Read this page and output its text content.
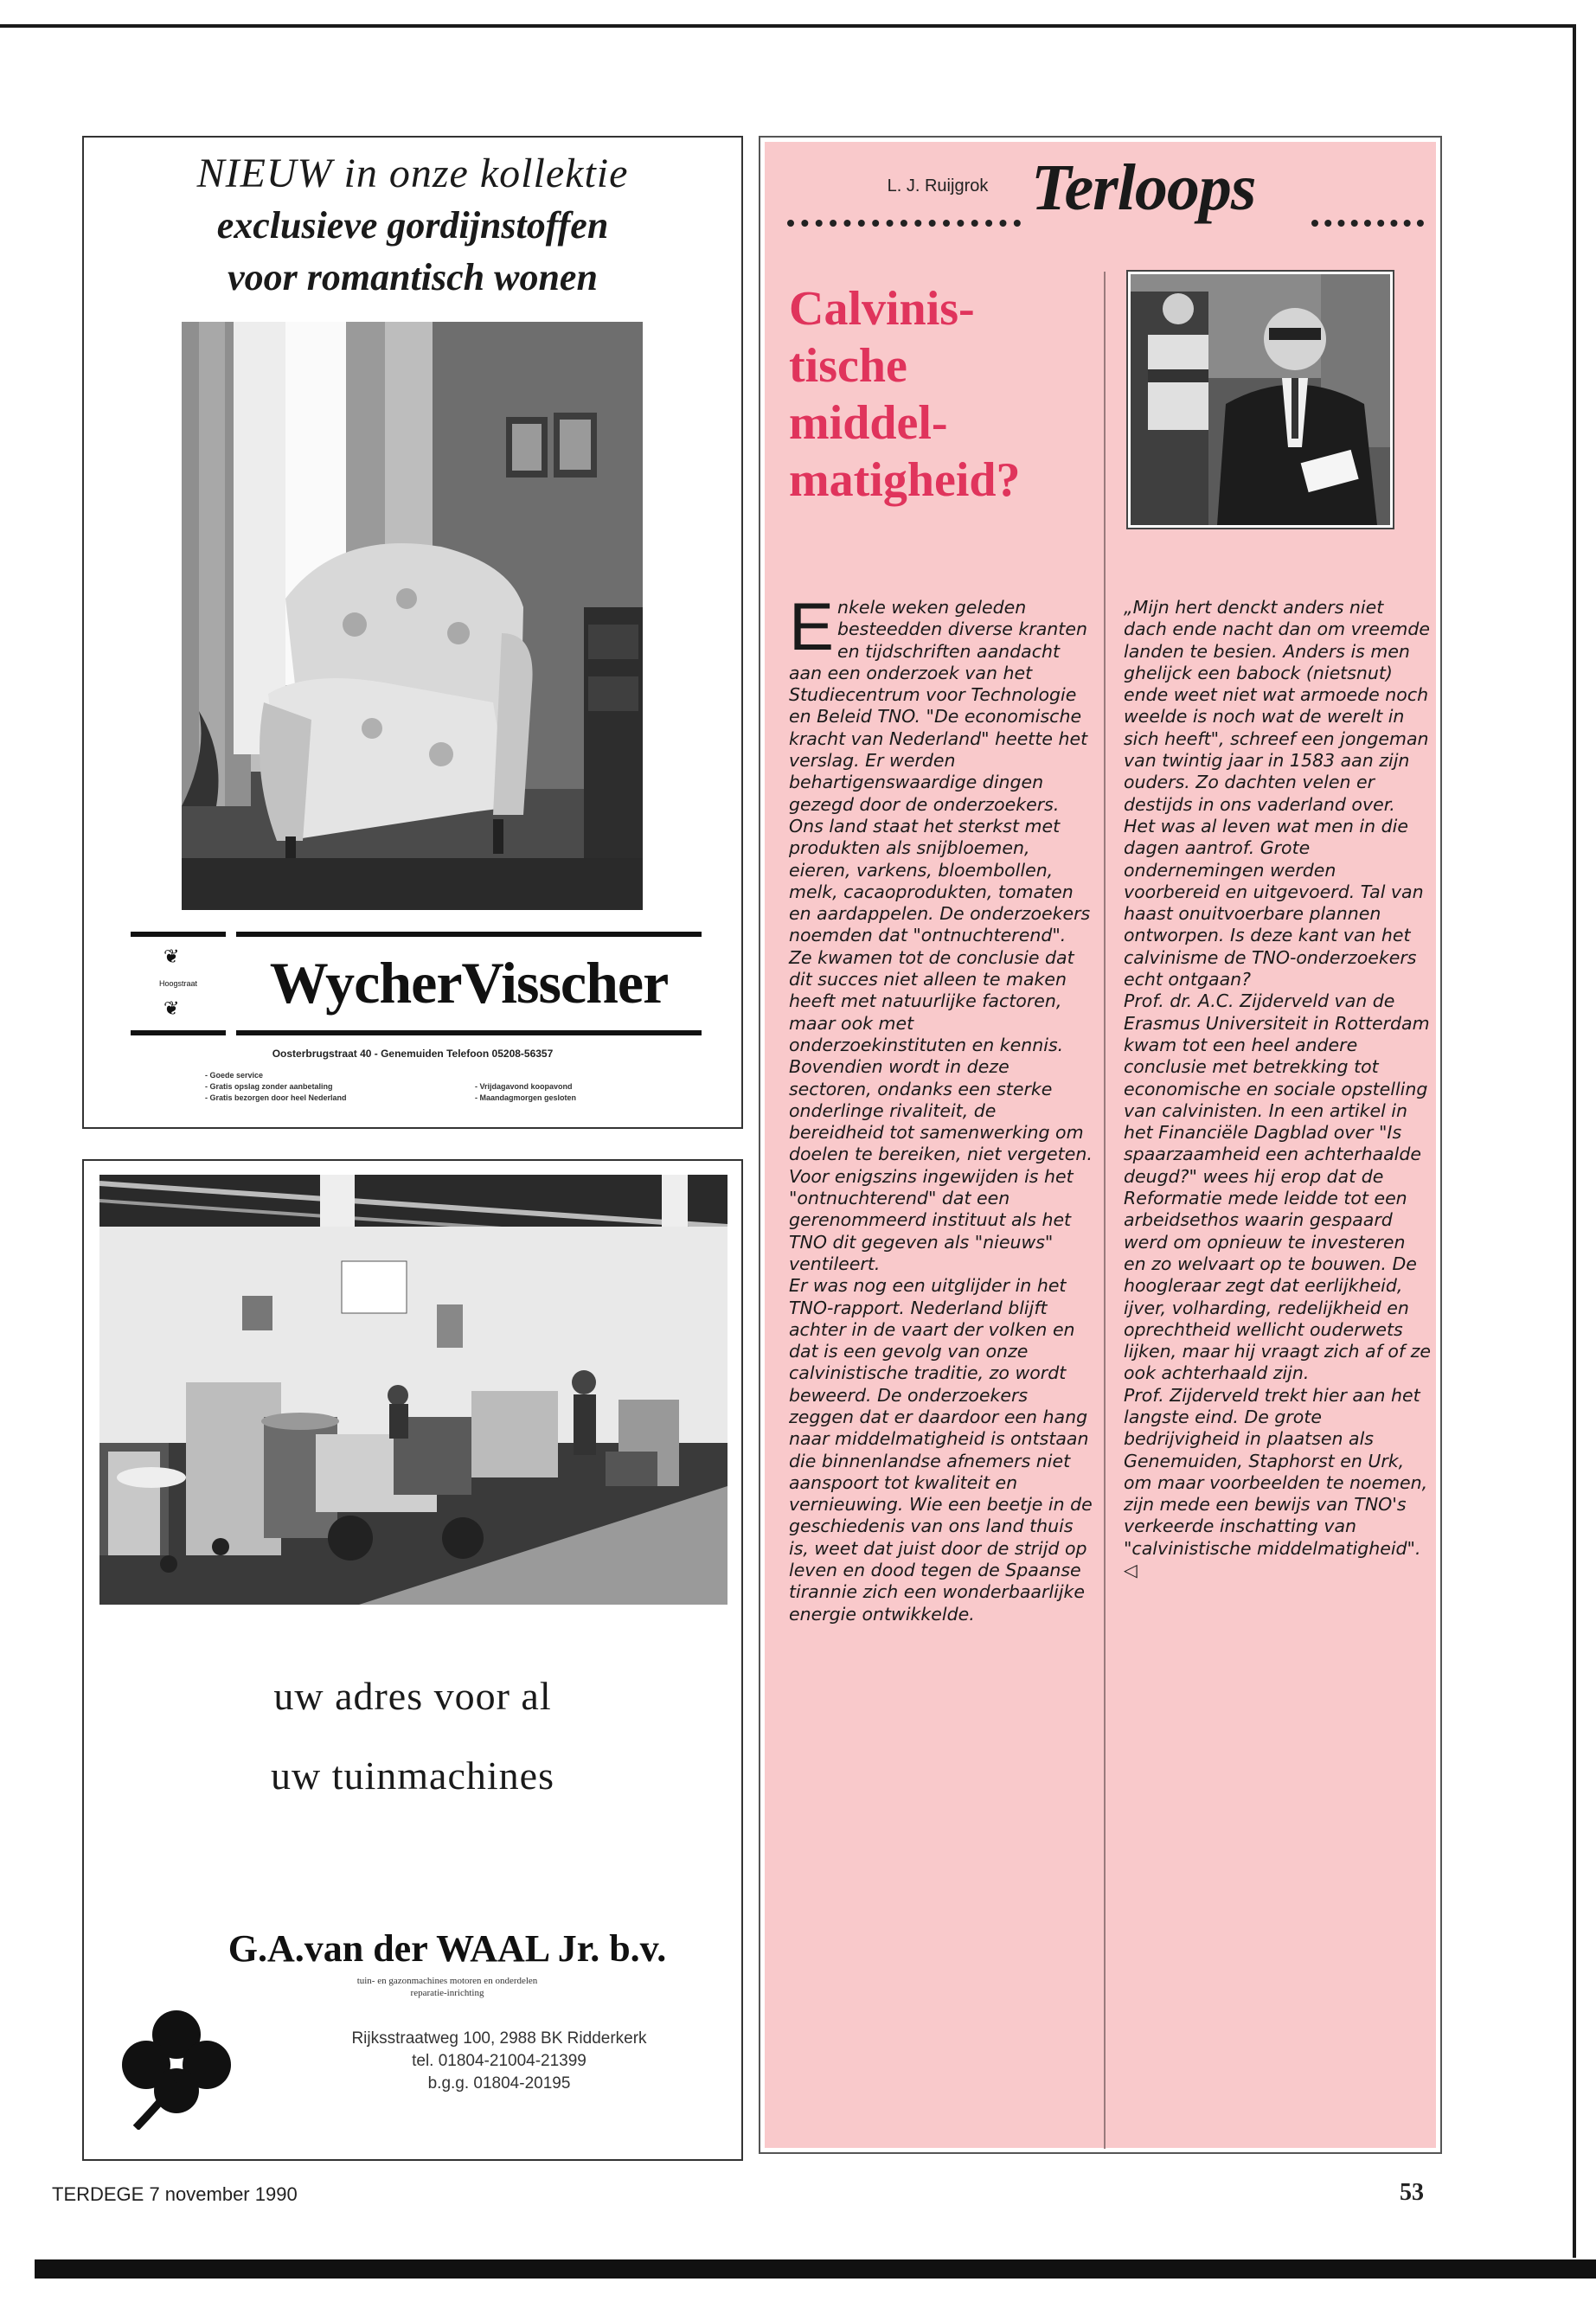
NIEUW in onze kollektie
exclusieve gordijnstoffen
voor romantisch wonen
❦
Hoogstraat
❦	WycherVisscher
Oosterbrugstraat 40 - Genemuiden Telefoon 05208-56357
- Goede service
- Gratis opslag zonder aanbetaling
- Gratis bezorgen door heel Nederland
- Vrijdagavond koopavond
- Maandagmorgen gesloten
uw adres voor al
uw tuinmachines
G.A.van der WAAL Jr. b.v.
tuin- en gazonmachines motoren en onderdelen
reparatie-inrichting
Rijksstraatweg 100, 2988 BK Ridderkerk
tel. 01804-21004-21399
b.g.g. 01804-20195
L. J. Ruijgrok Terloops
Calvinis-
tische
middel-
matigheid?
E nkele weken geleden besteedden diverse kranten en tijdschriften aandacht aan een onderzoek van het Studiecentrum voor Technologie en Beleid TNO. "De economische kracht van Nederland" heette het verslag. Er werden behartigenswaardige dingen gezegd door de onderzoekers.

Ons land staat het sterkst met produkten als snijbloemen, eieren, varkens, bloembollen, melk, cacaoprodukten, tomaten en aardappelen. De onderzoekers noemden dat "ontnuchterend". Ze kwamen tot de conclusie dat dit succes niet alleen te maken heeft met natuurlijke factoren, maar ook met onderzoekinstituten en kennis. Bovendien wordt in deze sectoren, ondanks een sterke onderlinge rivaliteit, de bereidheid tot samenwerking om doelen te bereiken, niet vergeten. Voor enigszins ingewijden is het "ontnuchterend" dat een gerenommeerd instituut als het TNO dit gegeven als "nieuws" ventileert.

Er was nog een uitglijder in het TNO-rapport. Nederland blijft achter in de vaart der volken en dat is een gevolg van onze calvinistische traditie, zo wordt beweerd. De onderzoekers zeggen dat er daardoor een hang naar middelmatigheid is ontstaan die binnenlandse afnemers niet aanspoort tot kwaliteit en vernieuwing. Wie een beetje in de geschiedenis van ons land thuis is, weet dat juist door de strijd op leven en dood tegen de Spaanse tirannie zich een wonderbaarlijke energie ontwikkelde.

„Mijn hert denckt anders niet dach ende nacht dan om vreemde landen te besien. Anders is men ghelijck een babock (nietsnut) ende weet niet wat armoede noch weelde is noch wat de werelt in sich heeft", schreef een jongeman van twintig jaar in 1583 aan zijn ouders. Zo dachten velen er destijds in ons vaderland over. Het was al leven wat men in die dagen aantrof. Grote ondernemingen werden voorbereid en uitgevoerd. Tal van haast onuitvoerbare plannen ontworpen. Is deze kant van het calvinisme de TNO-onderzoekers echt ontgaan?

Prof. dr. A.C. Zijderveld van de Erasmus Universiteit in Rotterdam kwam tot een heel andere conclusie met betrekking tot economische en sociale opstelling van calvinisten. In een artikel in het Financiële Dagblad over "Is spaarzaamheid een achterhaalde deugd?" wees hij erop dat de Reformatie mede leidde tot een arbeidsethos waarin gespaard werd om opnieuw te investeren en zo welvaart op te bouwen. De hoogleraar zegt dat eerlijkheid, ijver, volharding, redelijkheid en oprechtheid wellicht ouderwets lijken, maar hij vraagt zich af of ze ook achterhaald zijn.

Prof. Zijderveld trekt hier aan het langste eind. De grote bedrijvigheid in plaatsen als Genemuiden, Staphorst en Urk, om maar voorbeelden te noemen, zijn mede een bewijs van TNO's verkeerde inschatting van "calvinistische middelmatigheid". ◁

TERDEGE 7 november 1990	53
